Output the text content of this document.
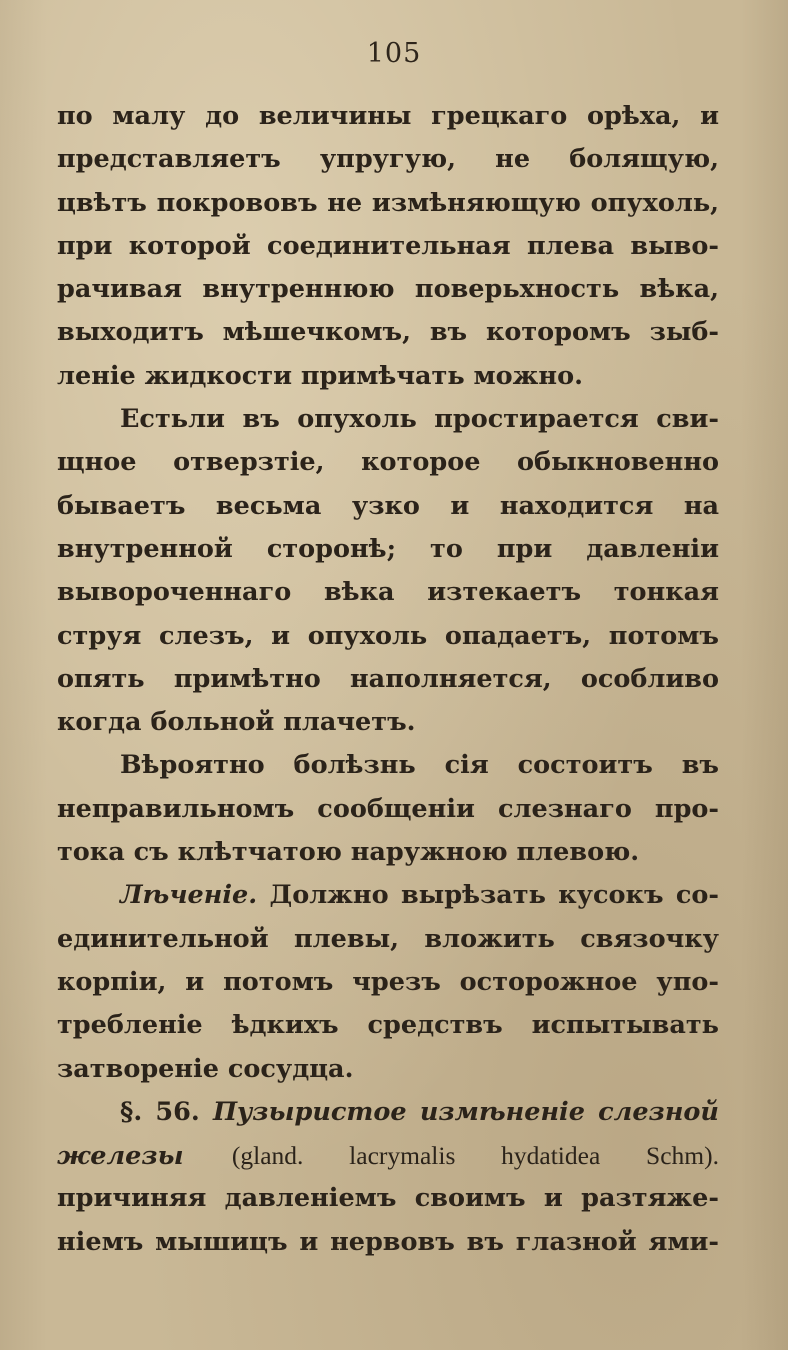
105
по малу до величины грецкаго орѣха, и
представляетъ упругую, не болящую,
цвѣтъ покрововъ не измѣняющую опухоль,
при которой соединительная плева выво-
рачивая внутреннюю поверьхность вѣка,
выходитъ мѣшечкомъ, въ которомъ зыб-
леніе жидкости примѣчать можно.
Естьли въ опухоль простирается сви-
щное отверзтіе, которое обыкновенно
бываетъ весьма узко и находится на
внутренной сторонѣ; то при давленіи
вывороченнаго вѣка изтекаетъ тонкая
струя слезъ, и опухоль опадаетъ, потомъ
опять примѣтно наполняется, особливо
когда больной плачетъ.
Вѣроятно болѣзнь сія состоитъ въ
неправильномъ сообщеніи слезнаго про-
тока съ клѣтчатою наружною плевою.
Лѣченіе. Должно вырѣзать кусокъ со-
единительной плевы, вложить связочку
корпіи, и потомъ чрезъ осторожное упо-
требленіе ѣдкихъ средствъ испытывать
затвореніе сосудца.
§. 56. Пузыристое измѣненіе слезной
железы (gland. lacrymalis hydatidea Schm).
причиняя давленіемъ своимъ и разтяже-
ніемъ мышицъ и нервовъ въ глазной ями-
